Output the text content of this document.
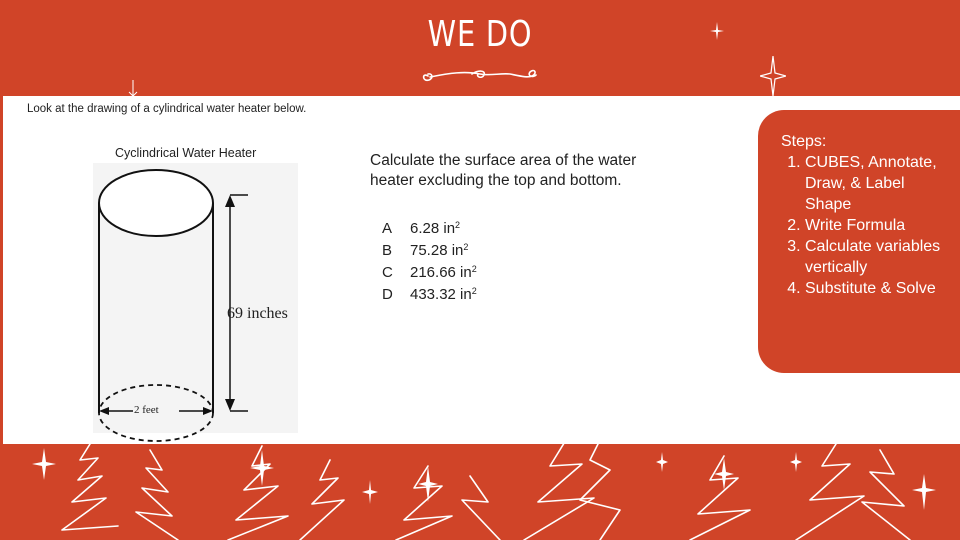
WE DO
Look at the drawing of a cylindrical water heater below.
Cyclindrical Water Heater
69 inches
2 feet
Calculate the surface area of the water heater excluding the top and bottom.
A 6.28 $in^2$
B 75.28 $in^2$
C 216.66 $in^2$
D 433.32 $in^2$
Steps:
1. CUBES, Annotate, Draw, & Label Shape
2. Write Formula
3. Calculate variables vertically
4. Substitute & Solve
